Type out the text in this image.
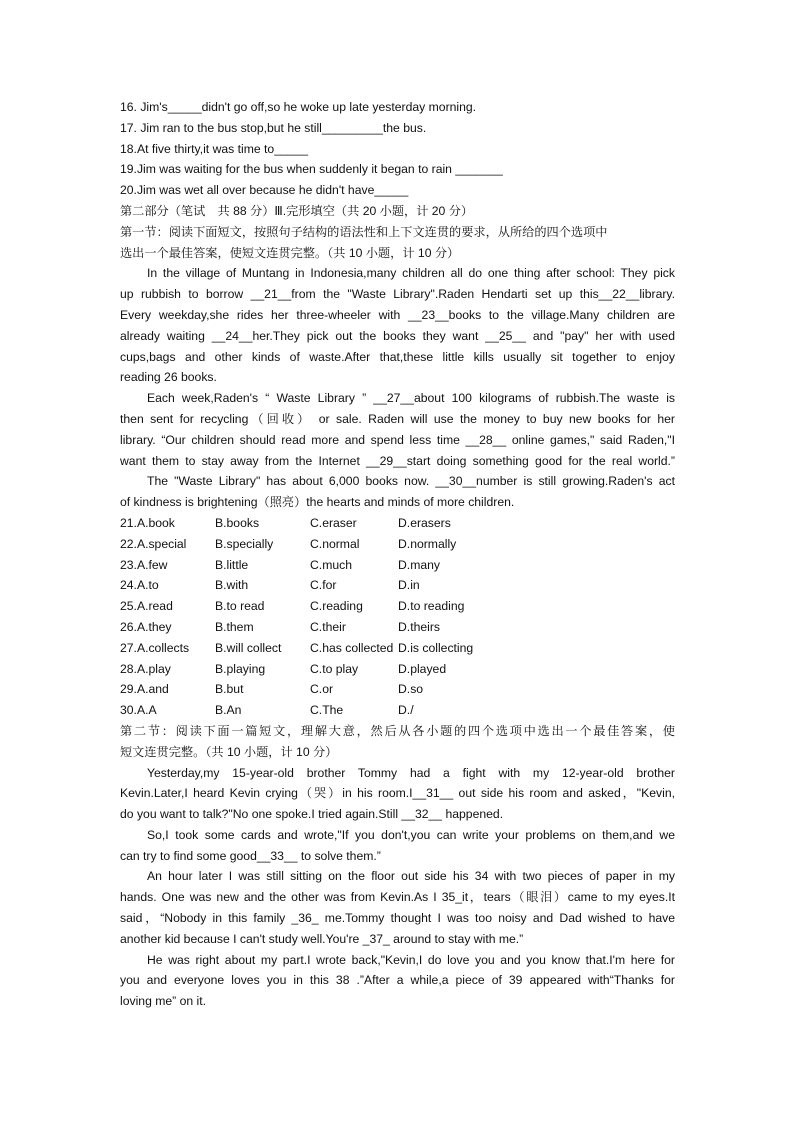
16. Jim's_____didn't go off,so he woke up late yesterday morning.
17. Jim ran to the bus stop,but he still_________the bus.
18.At five thirty,it was time to_____
19.Jim was waiting for the bus when suddenly it began to rain _______
20.Jim was wet all over because he didn't have_____
第二部分（笔试　共 88 分）Ⅲ.完形填空（共 20 小题，计 20 分）
第一节：阅读下面短文，按照句子结构的语法性和上下文连贯的要求，从所给的四个选项中
选出一个最佳答案，使短文连贯完整。（共 10 小题，计 10 分）
In the village of Muntang in Indonesia,many children all do one thing after school: They pick
up rubbish to borrow __21__from the "Waste Library".Raden Hendarti set up this__22__library.
Every weekday,she rides her three-wheeler with __23__books to the village.Many children are
already waiting __24__her.They pick out the books they want __25__ and "pay" her with used
cups,bags and other kinds of waste.After that,these little kills usually sit together to enjoy
reading 26 books.
Each week,Raden's “ Waste Library ” __27__about 100 kilograms of rubbish.The waste is
then sent for recycling（回收） or sale. Raden will use the money to buy new books for her
library. “Our children should read more and spend less time __28__ online games," said Raden,"I
want them to stay away from the Internet __29__start doing something good for the real world.”
The "Waste Library" has about 6,000 books now. __30__number is still growing.Raden's act
of kindness is brightening（照亮）the hearts and minds of more children.
21.A.book	B.books	C.eraser	D.erasers
22.A.special B.specially	C.normal	D.normally
23.A.few	B.little	C.much	D.many
24.A.to	B.with	C.for	D.in
25.A.read	B.to read	C.reading	D.to reading
26.A.they	B.them	C.their	D.theirs
27.A.collects B.will collect C.has collected D.is collecting
28.A.play	B.playing	C.to play	D.played
29.A.and	B.but	C.or	D.so
30.A.A	B.An	C.The	D./
第二节：阅读下面一篇短文，理解大意，然后从各小题的四个选项中选出一个最佳答案，使
短文连贯完整。（共 10 小题，计 10 分）
Yesterday,my 15-year-old brother Tommy had a fight with my 12-year-old brother
Kevin.Later,I heard Kevin crying（哭）in his room.I__31__ out side his room and asked，"Kevin,
do you want to talk?"No one spoke.I tried again.Still __32__ happened.
So,I took some cards and wrote,"If you don't,you can write your problems on them,and we
can try to find some good__33__ to solve them.”
An hour later I was still sitting on the floor out side his 34 with two pieces of paper in my
hands. One was new and the other was from Kevin.As I 35_it，tears（眼泪）came to my eyes.It
said，“Nobody in this family _36_ me.Tommy thought I was too noisy and Dad wished to have
another kid because I can't study well.You're _37_ around to stay with me.”
He was right about my part.I wrote back,"Kevin,I do love you and you know that.I'm here for
you and everyone loves you in this 38 .”After a while,a piece of 39 appeared with“Thanks for
loving me” on it.
